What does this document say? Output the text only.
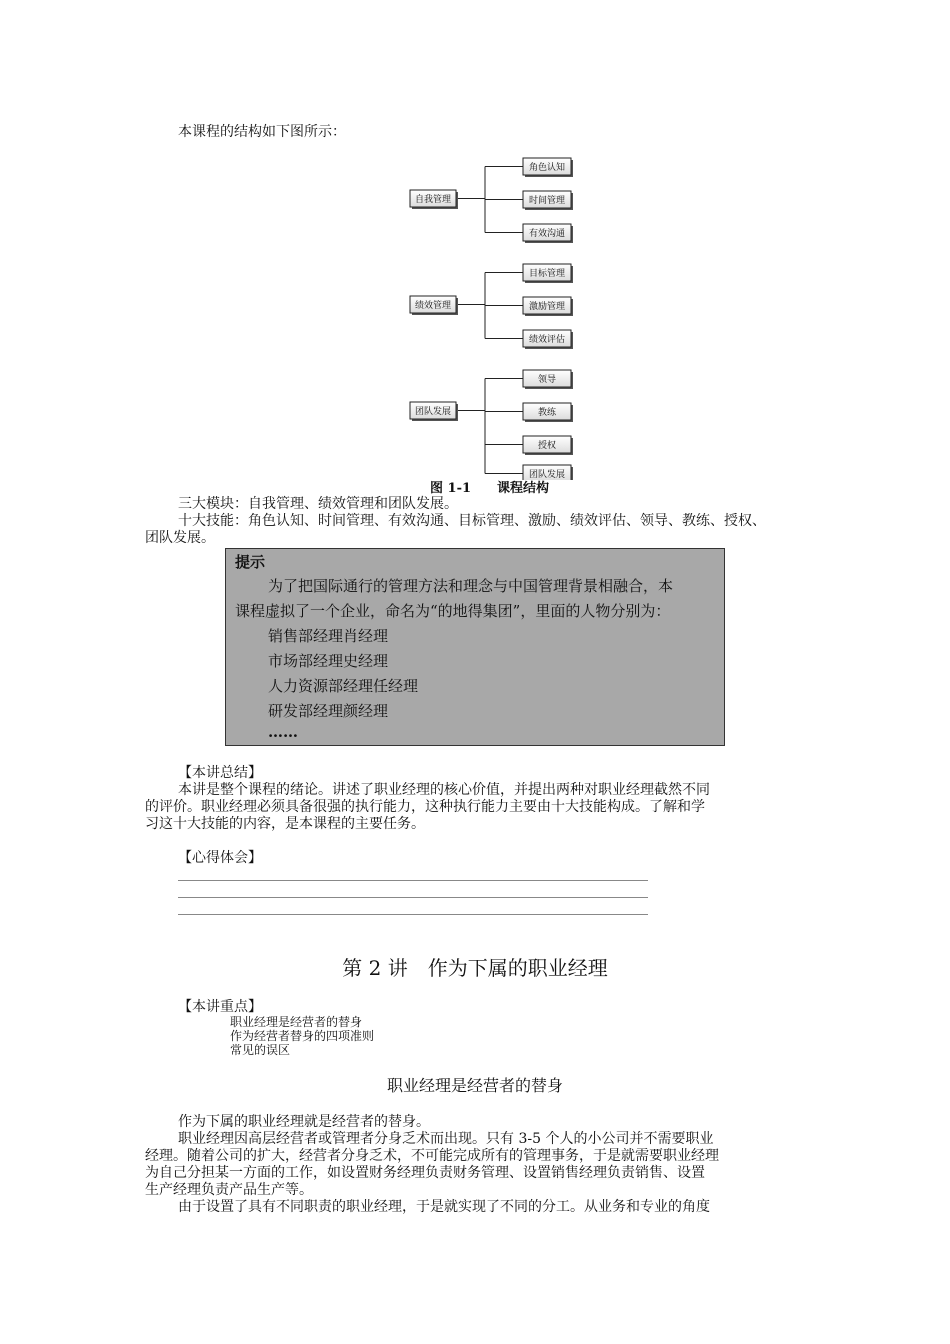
本课程的结构如下图所示：
自我管理
角色认知
时间管理
有效沟通
绩效管理
目标管理
激励管理
绩效评估
团队发展
领导
教练
授权
团队发展
图 1-1　　课程结构
三大模块：自我管理、绩效管理和团队发展。
十大技能：角色认知、时间管理、有效沟通、目标管理、激励、绩效评估、领导、教练、授权、
团队发展。
提示
为了把国际通行的管理方法和理念与中国管理背景相融合，本
课程虚拟了一个企业，命名为“的地得集团”，里面的人物分别为：
销售部经理肖经理
市场部经理史经理
人力资源部经理任经理
研发部经理颜经理
……
【本讲总结】
本讲是整个课程的绪论。讲述了职业经理的核心价值，并提出两种对职业经理截然不同
的评价。职业经理必须具备很强的执行能力，这种执行能力主要由十大技能构成。了解和学
习这十大技能的内容，是本课程的主要任务。
【心得体会】
第 2 讲　作为下属的职业经理
【本讲重点】
职业经理是经营者的替身
作为经营者替身的四项准则
常见的误区
职业经理是经营者的替身
作为下属的职业经理就是经营者的替身。
职业经理因高层经营者或管理者分身乏术而出现。只有 3-5 个人的小公司并不需要职业
经理。随着公司的扩大，经营者分身乏术，不可能完成所有的管理事务，于是就需要职业经理
为自己分担某一方面的工作，如设置财务经理负责财务管理、设置销售经理负责销售、设置
生产经理负责产品生产等。
由于设置了具有不同职责的职业经理，于是就实现了不同的分工。从业务和专业的角度
